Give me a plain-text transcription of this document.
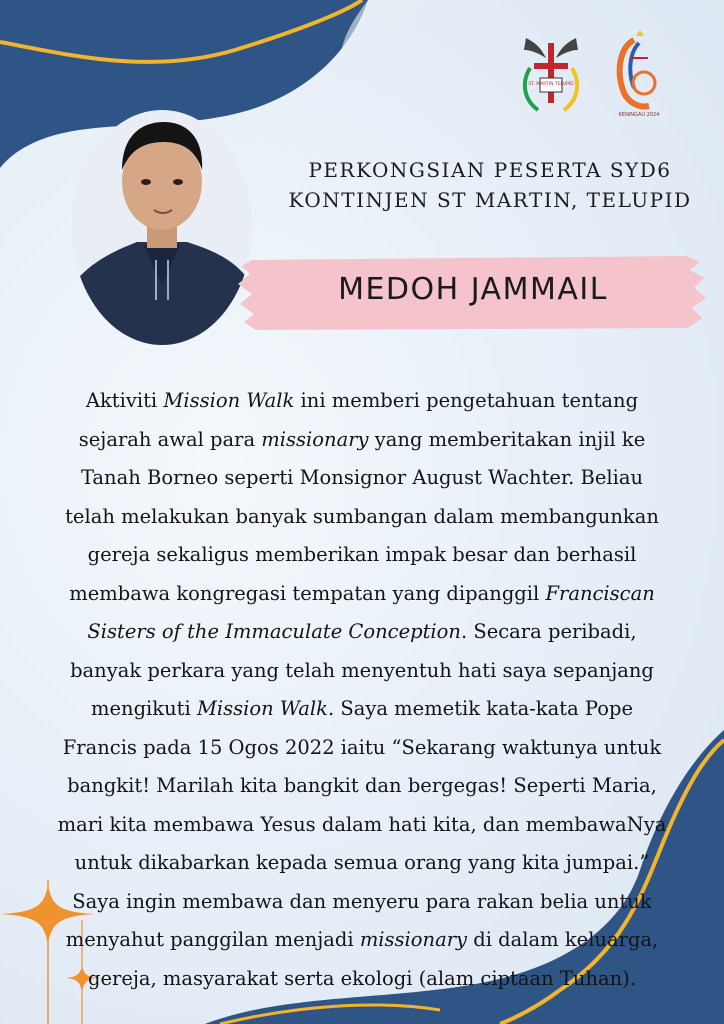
ST. MARTIN TELUPID
KENINGAU 2024
PERKONGSIAN PESERTA SYD6
KONTINJEN ST MARTIN, TELUPID
MEDOH JAMMAIL
Aktiviti Mission Walk ini memberi pengetahuan tentang
sejarah awal para missionary yang memberitakan injil ke
Tanah Borneo seperti Monsignor August Wachter. Beliau
telah melakukan banyak sumbangan dalam membangunkan
gereja sekaligus memberikan impak besar dan berhasil
membawa kongregasi tempatan yang dipanggil Franciscan
Sisters of the Immaculate Conception. Secara peribadi,
banyak perkara yang telah menyentuh hati saya sepanjang
mengikuti Mission Walk. Saya memetik kata-kata Pope
Francis pada 15 Ogos 2022 iaitu “Sekarang waktunya untuk
bangkit! Marilah kita bangkit dan bergegas! Seperti Maria,
mari kita membawa Yesus dalam hati kita, dan membawaNya
untuk dikabarkan kepada semua orang yang kita jumpai.”
Saya ingin membawa dan menyeru para rakan belia untuk
menyahut panggilan menjadi missionary di dalam keluarga,
gereja, masyarakat serta ekologi (alam ciptaan Tuhan).
